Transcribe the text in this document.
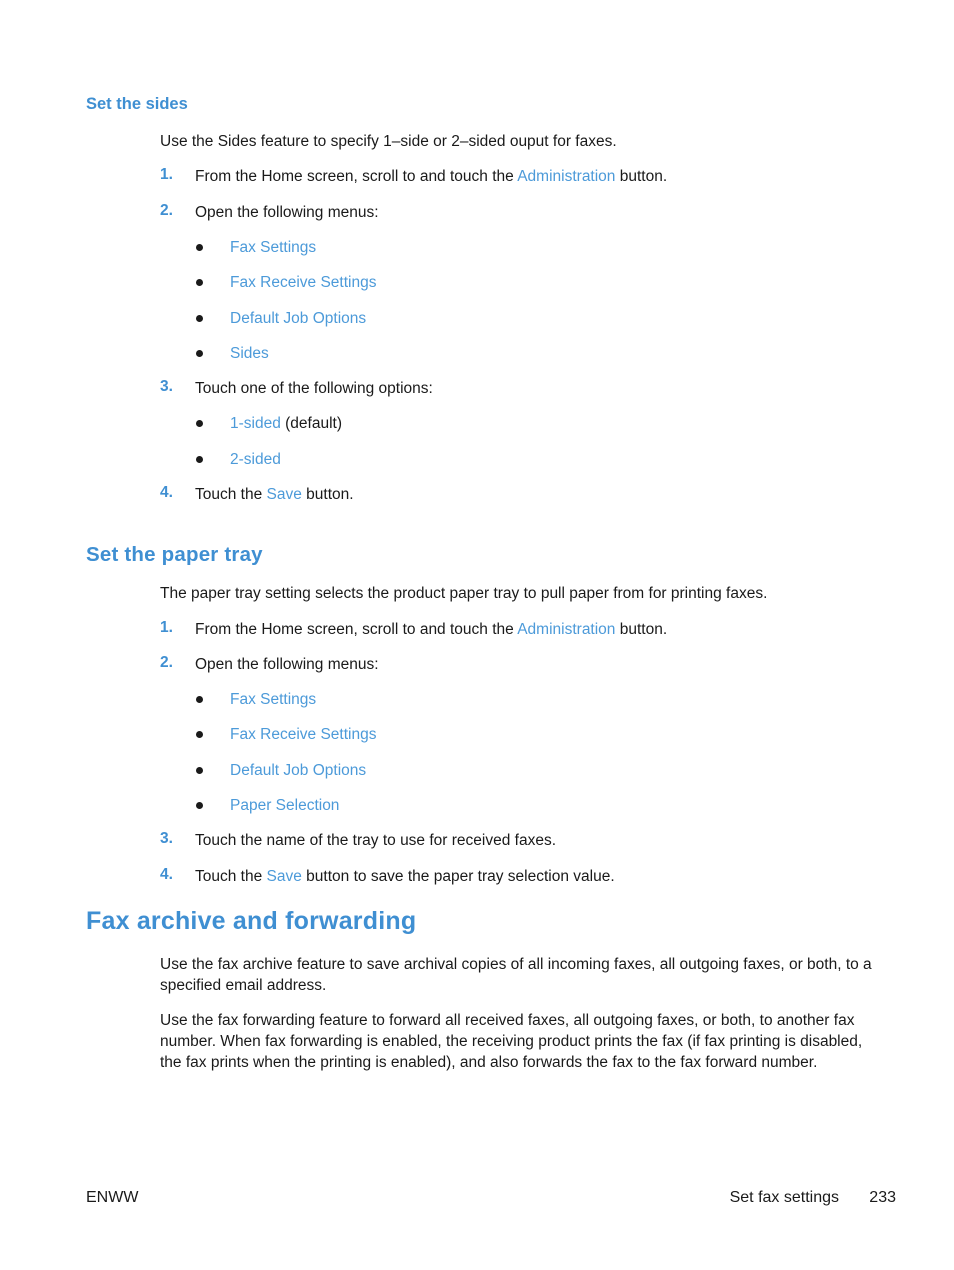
Set the sides
Use the Sides feature to specify 1–side or 2–sided ouput for faxes.
1. From the Home screen, scroll to and touch the Administration button.
2. Open the following menus:
Fax Settings
Fax Receive Settings
Default Job Options
Sides
3. Touch one of the following options:
1-sided (default)
2-sided
4. Touch the Save button.
Set the paper tray
The paper tray setting selects the product paper tray to pull paper from for printing faxes.
1. From the Home screen, scroll to and touch the Administration button.
2. Open the following menus:
Fax Settings
Fax Receive Settings
Default Job Options
Paper Selection
3. Touch the name of the tray to use for received faxes.
4. Touch the Save button to save the paper tray selection value.
Fax archive and forwarding
Use the fax archive feature to save archival copies of all incoming faxes, all outgoing faxes, or both, to a specified email address.
Use the fax forwarding feature to forward all received faxes, all outgoing faxes, or both, to another fax number. When fax forwarding is enabled, the receiving product prints the fax (if fax printing is disabled, the fax prints when the printing is enabled), and also forwards the fax to the fax forward number.
ENWW	Set fax settings 233
